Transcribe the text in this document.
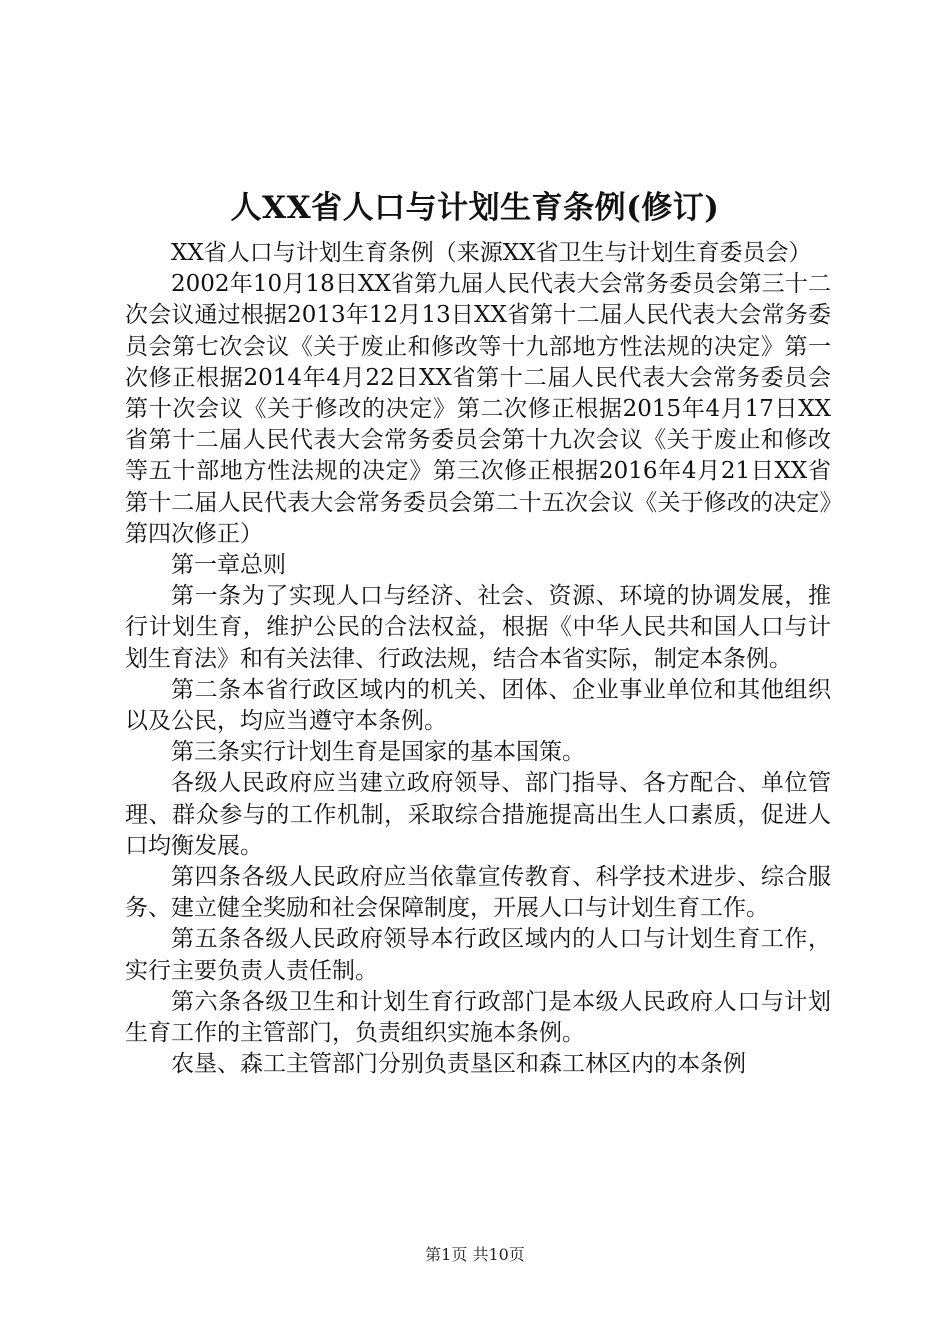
人XX省人口与计划生育条例(修订)

XX省人口与计划生育条例（来源XX省卫生与计划生育委员会）

2002年10月18日XX省第九届人民代表大会常务委员会第三十二次会议通过根据2013年12月13日XX省第十二届人民代表大会常务委员会第七次会议《关于废止和修改等十九部地方性法规的决定》第一次修正根据2014年4月22日XX省第十二届人民代表大会常务委员会第十次会议《关于修改的决定》第二次修正根据2015年4月17日XX省第十二届人民代表大会常务委员会第十九次会议《关于废止和修改等五十部地方性法规的决定》第三次修正根据2016年4月21日XX省第十二届人民代表大会常务委员会第二十五次会议《关于修改的决定》第四次修正）

第一章总则

第一条为了实现人口与经济、社会、资源、环境的协调发展，推行计划生育，维护公民的合法权益，根据《中华人民共和国人口与计划生育法》和有关法律、行政法规，结合本省实际，制定本条例。

第二条本省行政区域内的机关、团体、企业事业单位和其他组织以及公民，均应当遵守本条例。

第三条实行计划生育是国家的基本国策。

各级人民政府应当建立政府领导、部门指导、各方配合、单位管理、群众参与的工作机制，采取综合措施提高出生人口素质，促进人口均衡发展。

第四条各级人民政府应当依靠宣传教育、科学技术进步、综合服务、建立健全奖励和社会保障制度，开展人口与计划生育工作。

第五条各级人民政府领导本行政区域内的人口与计划生育工作，实行主要负责人责任制。

第六条各级卫生和计划生育行政部门是本级人民政府人口与计划生育工作的主管部门，负责组织实施本条例。

农垦、森工主管部门分别负责垦区和森工林区内的本条例

第1页 共10页
